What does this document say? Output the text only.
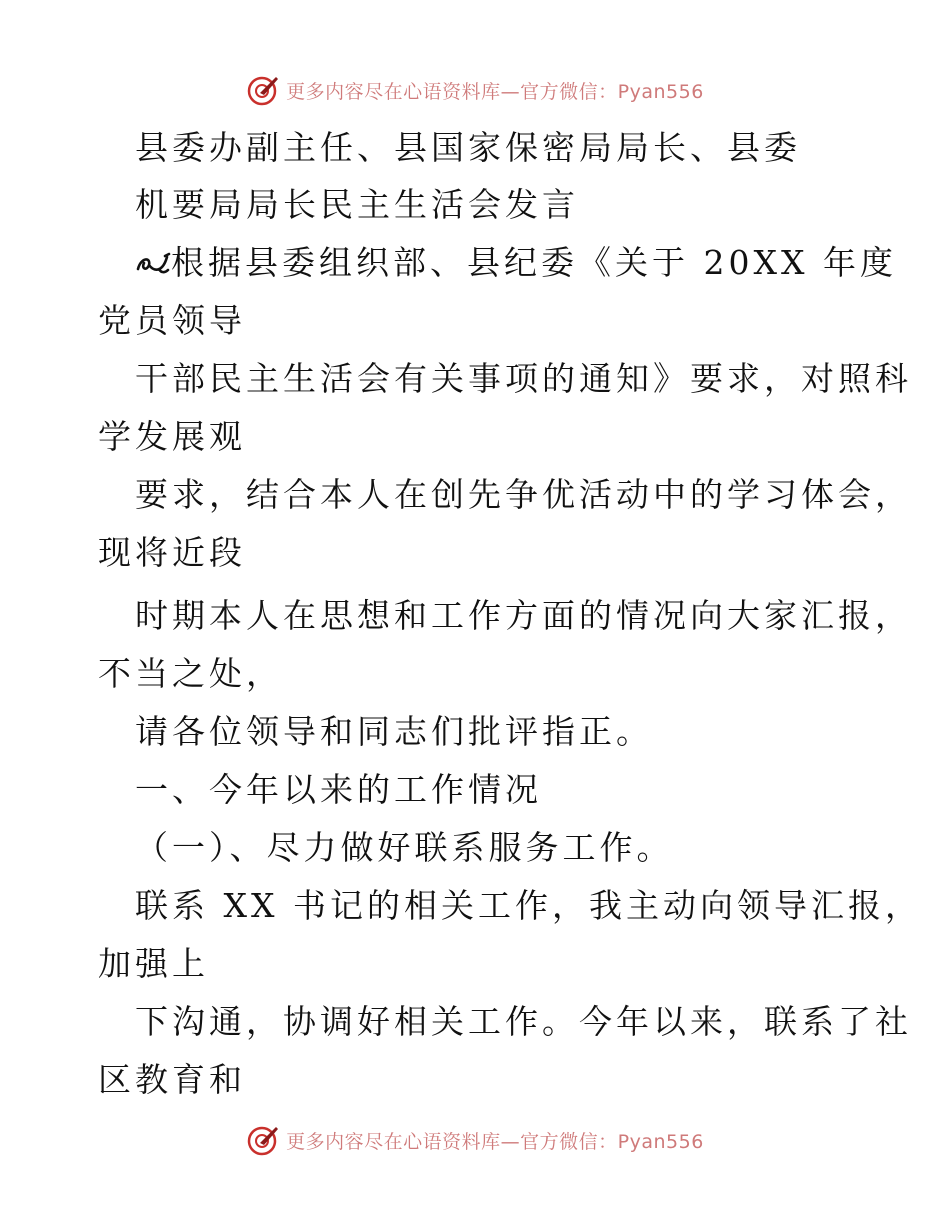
更多内容尽在心语资料库—官方微信：Pyan556
县委办副主任、县国家保密局局长、县委
机要局局长民主生活会发言
根据县委组织部、县纪委《关于 20XX 年度
党员领导
干部民主生活会有关事项的通知》要求，对照科
学发展观
要求，结合本人在创先争优活动中的学习体会，
现将近段
时期本人在思想和工作方面的情况向大家汇报，
不当之处，
请各位领导和同志们批评指正。
一、今年以来的工作情况
（一）、尽力做好联系服务工作。
联系 XX 书记的相关工作，我主动向领导汇报，
加强上
下沟通，协调好相关工作。今年以来，联系了社
区教育和
更多内容尽在心语资料库—官方微信：Pyan556
